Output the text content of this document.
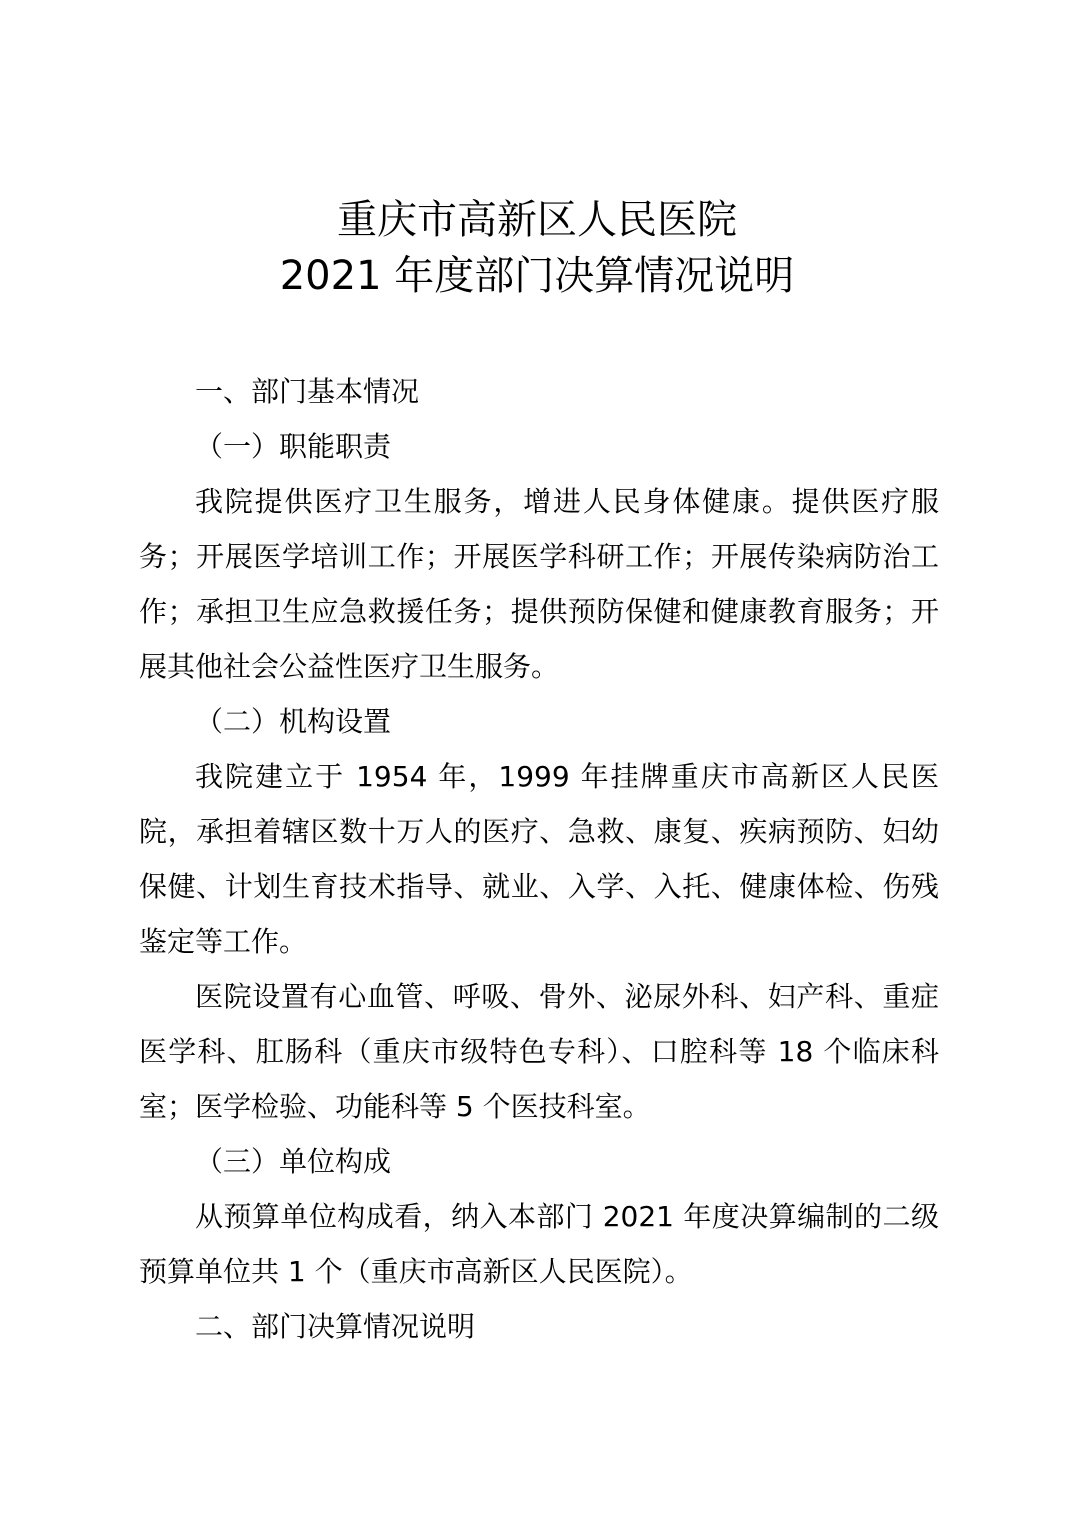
重庆市高新区人民医院
2021 年度部门决算情况说明

一、部门基本情况

（一）职能职责

我院提供医疗卫生服务，增进人民身体健康。提供医疗服务；开展医学培训工作；开展医学科研工作；开展传染病防治工作；承担卫生应急救援任务；提供预防保健和健康教育服务；开展其他社会公益性医疗卫生服务。

（二）机构设置

我院建立于 1954 年，1999 年挂牌重庆市高新区人民医院，承担着辖区数十万人的医疗、急救、康复、疾病预防、妇幼保健、计划生育技术指导、就业、入学、入托、健康体检、伤残鉴定等工作。

医院设置有心血管、呼吸、骨外、泌尿外科、妇产科、重症医学科、肛肠科（重庆市级特色专科）、口腔科等 18 个临床科室；医学检验、功能科等 5 个医技科室。

（三）单位构成

从预算单位构成看，纳入本部门 2021 年度决算编制的二级预算单位共 1 个（重庆市高新区人民医院）。

二、部门决算情况说明
